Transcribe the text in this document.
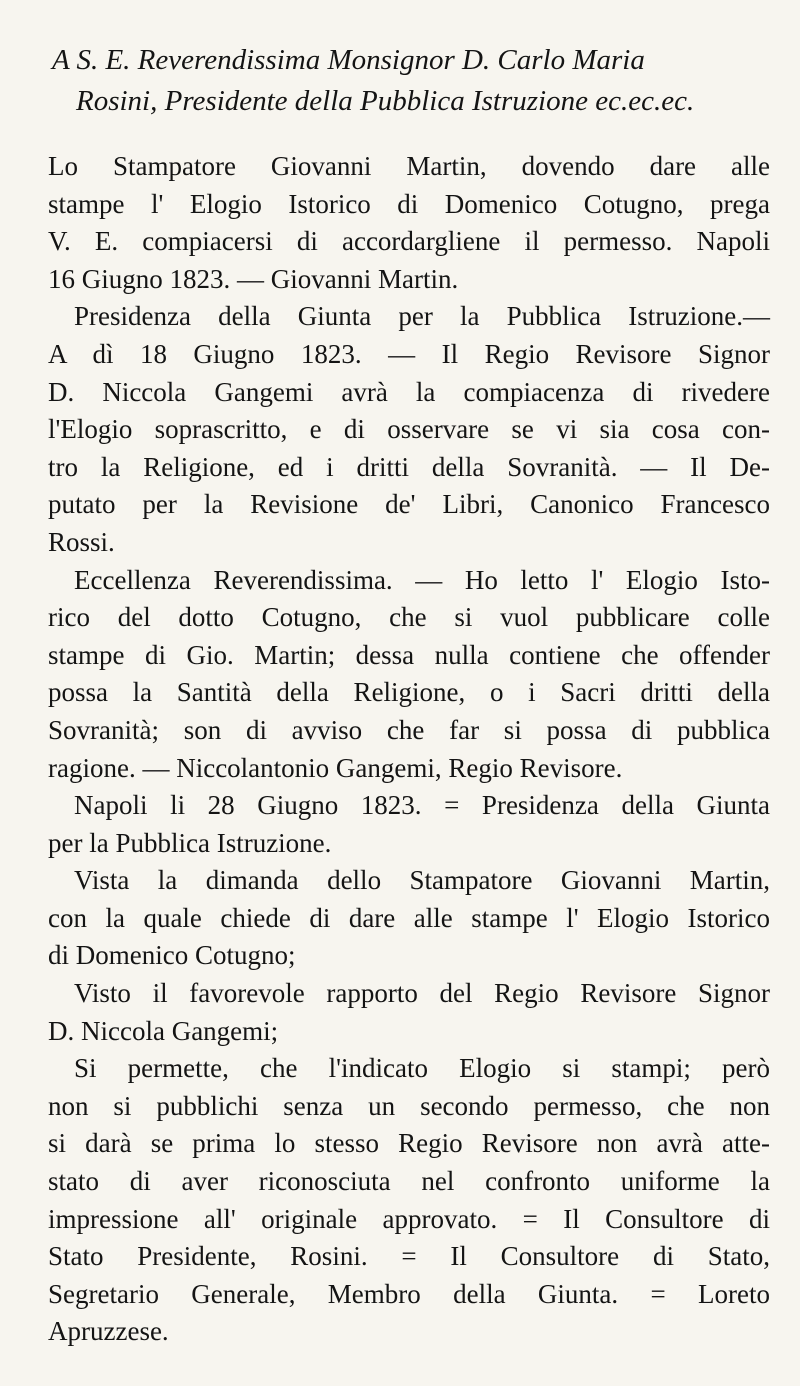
A S. E. Reverendissima Monsignor D. Carlo Maria
Rosini, Presidente della Pubblica Istruzione ec.ec.ec.
Lo Stampatore Giovanni Martin, dovendo dare alle
stampe l' Elogio Istorico di Domenico Cotugno, prega
V. E. compiacersi di accordargliene il permesso. Napoli
16 Giugno 1823. — Giovanni Martin.
Presidenza della Giunta per la Pubblica Istruzione.—
A dì 18 Giugno 1823. — Il Regio Revisore Signor
D. Niccola Gangemi avrà la compiacenza di rivedere
l'Elogio soprascritto, e di osservare se vi sia cosa con-
tro la Religione, ed i dritti della Sovranità. — Il De-
putato per la Revisione de' Libri, Canonico Francesco
Rossi.
Eccellenza Reverendissima. — Ho letto l' Elogio Isto-
rico del dotto Cotugno, che si vuol pubblicare colle
stampe di Gio. Martin; dessa nulla contiene che offender
possa la Santità della Religione, o i Sacri dritti della
Sovranità; son di avviso che far si possa di pubblica
ragione. — Niccolantonio Gangemi, Regio Revisore.
Napoli li 28 Giugno 1823. = Presidenza della Giunta
per la Pubblica Istruzione.
Vista la dimanda dello Stampatore Giovanni Martin,
con la quale chiede di dare alle stampe l' Elogio Istorico
di Domenico Cotugno;
Visto il favorevole rapporto del Regio Revisore Signor
D. Niccola Gangemi;
Si permette, che l'indicato Elogio si stampi; però
non si pubblichi senza un secondo permesso, che non
si darà se prima lo stesso Regio Revisore non avrà atte-
stato di aver riconosciuta nel confronto uniforme la
impressione all' originale approvato. = Il Consultore di
Stato Presidente, Rosini. = Il Consultore di Stato,
Segretario Generale, Membro della Giunta. = Loreto
Apruzzese.
